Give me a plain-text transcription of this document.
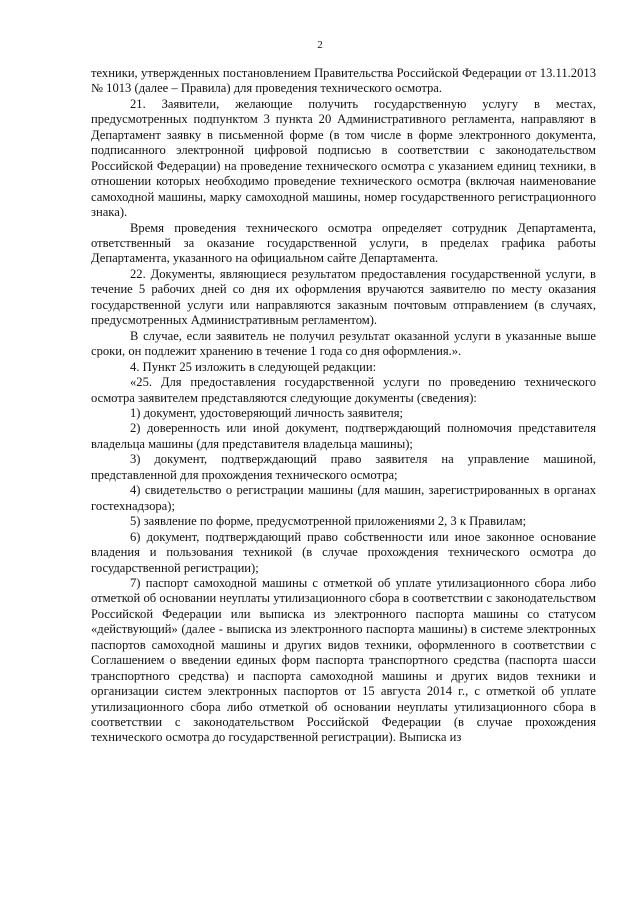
2

техники, утвержденных постановлением Правительства Российской Федерации от 13.11.2013 № 1013 (далее – Правила) для проведения технического осмотра.

21. Заявители, желающие получить государственную услугу в местах, предусмотренных подпунктом 3 пункта 20 Административного регламента, направляют в Департамент заявку в письменной форме (в том числе в форме электронного документа, подписанного электронной цифровой подписью в соответствии с законодательством Российской Федерации) на проведение технического осмотра с указанием единиц техники, в отношении которых необходимо проведение технического осмотра (включая наименование самоходной машины, марку самоходной машины, номер государственного регистрационного знака).

Время проведения технического осмотра определяет сотрудник Департамента, ответственный за оказание государственной услуги, в пределах графика работы Департамента, указанного на официальном сайте Департамента.

22. Документы, являющиеся результатом предоставления государственной услуги, в течение 5 рабочих дней со дня их оформления вручаются заявителю по месту оказания государственной услуги или направляются заказным почтовым отправлением (в случаях, предусмотренных Административным регламентом).

В случае, если заявитель не получил результат оказанной услуги в указанные выше сроки, он подлежит хранению в течение 1 года со дня оформления.».

4. Пункт 25 изложить в следующей редакции:

«25. Для предоставления государственной услуги по проведению технического осмотра заявителем представляются следующие документы (сведения):

1) документ, удостоверяющий личность заявителя;

2) доверенность или иной документ, подтверждающий полномочия представителя владельца машины (для представителя владельца машины);

3) документ, подтверждающий право заявителя на управление машиной, представленной для прохождения технического осмотра;

4) свидетельство о регистрации машины (для машин, зарегистрированных в органах гостехнадзора);

5) заявление по форме, предусмотренной приложениями 2, 3 к Правилам;

6) документ, подтверждающий право собственности или иное законное основание владения и пользования техникой (в случае прохождения технического осмотра до государственной регистрации);

7) паспорт самоходной машины с отметкой об уплате утилизационного сбора либо отметкой об основании неуплаты утилизационного сбора в соответствии с законодательством Российской Федерации или выписка из электронного паспорта машины со статусом «действующий» (далее - выписка из электронного паспорта машины) в системе электронных паспортов самоходной машины и других видов техники, оформленного в соответствии с Соглашением о введении единых форм паспорта транспортного средства (паспорта шасси транспортного средства) и паспорта самоходной машины и других видов техники и организации систем электронных паспортов от 15 августа 2014 г., с отметкой об уплате утилизационного сбора либо отметкой об основании неуплаты утилизационного сбора в соответствии с законодательством Российской Федерации (в случае прохождения технического осмотра до государственной регистрации). Выписка из
